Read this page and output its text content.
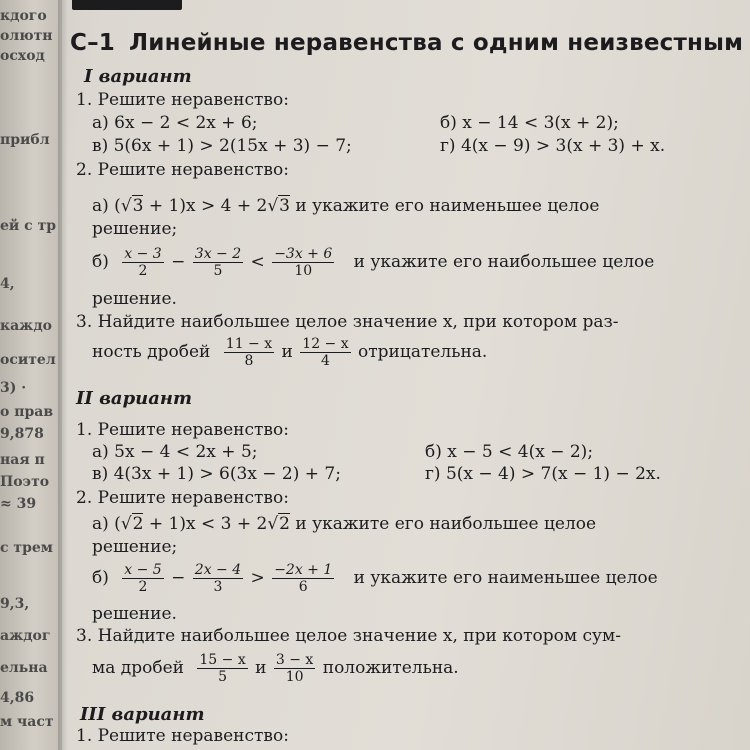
кдого
олютн
осход
прибл
ей с тр
4,
каждо
осител
3) ·
о прав
9,878
ная п
Поэто
≈ 39
с трем
9,3,
аждог
ельна
4,86
м част
С–1 Линейные неравенства с одним неизвестным
I вариант
1. Решите неравенство:
а) 6x − 2 < 2x + 6;	б) x − 14 < 3(x + 2);
в) 5(6x + 1) > 2(15x + 3) − 7;	г) 4(x − 9) > 3(x + 3) + x.
2. Решите неравенство:
а) (√3 + 1)x > 4 + 2√3 и укажите его наименьшее целое
решение;
$б) \frac{x - 3}{2} - \frac{3x - 2}{5} < \frac{-3x + 6}{10}$ и укажите его наибольшее целое
решение.
3. Найдите наибольшее целое значение x, при котором раз-
ность дробей $\frac{11 - x}{8}$ и $\frac{12 - x}{4}$ отрицательна.
II вариант
1. Решите неравенство:
а) 5x − 4 < 2x + 5;	б) x − 5 < 4(x − 2);
в) 4(3x + 1) > 6(3x − 2) + 7;	г) 5(x − 4) > 7(x − 1) − 2x.
2. Решите неравенство:
а) (√2 + 1)x < 3 + 2√2 и укажите его наибольшее целое
решение;
$б) \frac{x - 5}{2} - \frac{2x - 4}{3} > \frac{-2x + 1}{6}$ и укажите его наименьшее целое
решение.
3. Найдите наибольшее целое значение x, при котором сум-
ма дробей $\frac{15 - x}{5}$ и $\frac{3 - x}{10}$ положительна.
III вариант
1. Решите неравенство:
